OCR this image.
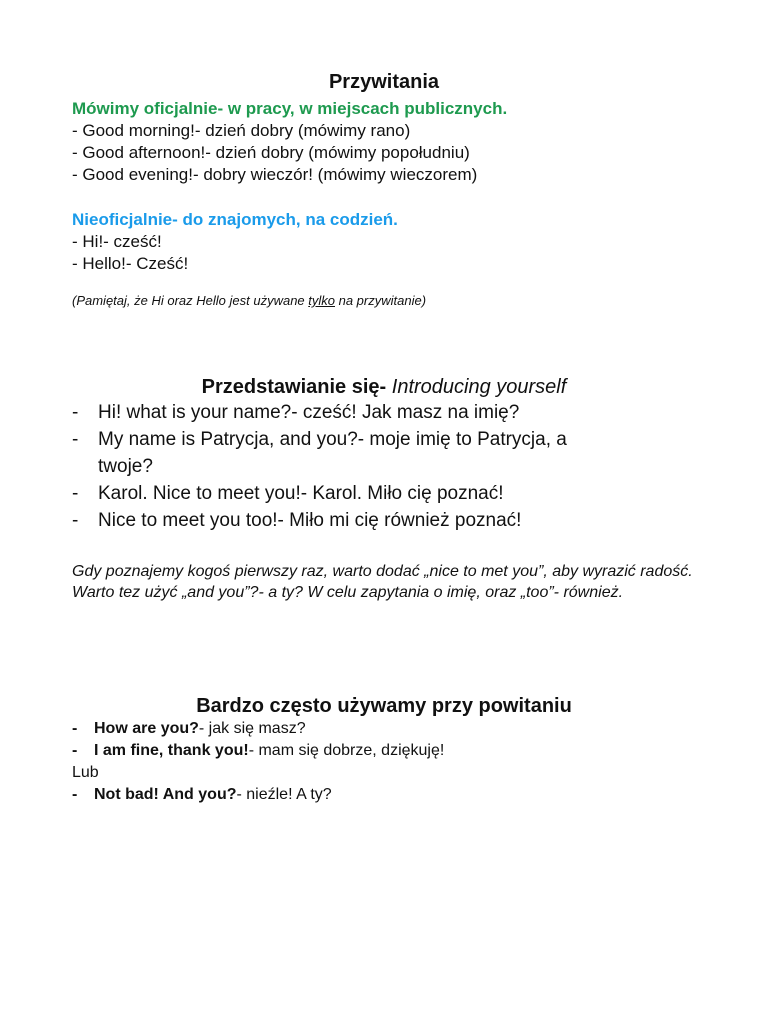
Przywitania
Mówimy oficjalnie- w pracy, w miejscach publicznych.
- Good morning!- dzień dobry (mówimy rano)
- Good afternoon!- dzień dobry (mówimy popołudniu)
- Good evening!- dobry wieczór! (mówimy wieczorem)
Nieoficjalnie- do znajomych, na codzień.
- Hi!- cześć!
- Hello!- Cześć!
(Pamiętaj, że Hi oraz Hello jest używane tylko na przywitanie)
Przedstawianie się- Introducing yourself
- Hi! what is your name?- cześć! Jak masz na imię?
- My name is Patrycja, and you?- moje imię to Patrycja, a
twoje?
- Karol. Nice to meet you!- Karol. Miło cię poznać!
- Nice to meet you too!- Miło mi cię również poznać!
Gdy poznajemy kogoś pierwszy raz, warto dodać „nice to met you”, aby wyrazić radość. Warto tez użyć „and you”?- a ty? W celu zapytania o imię, oraz „too”- również.
Bardzo często używamy przy powitaniu
- How are you?- jak się masz?
- I am fine, thank you!- mam się dobrze, dziękuję!
Lub
- Not bad! And you?- nieźle! A ty?
